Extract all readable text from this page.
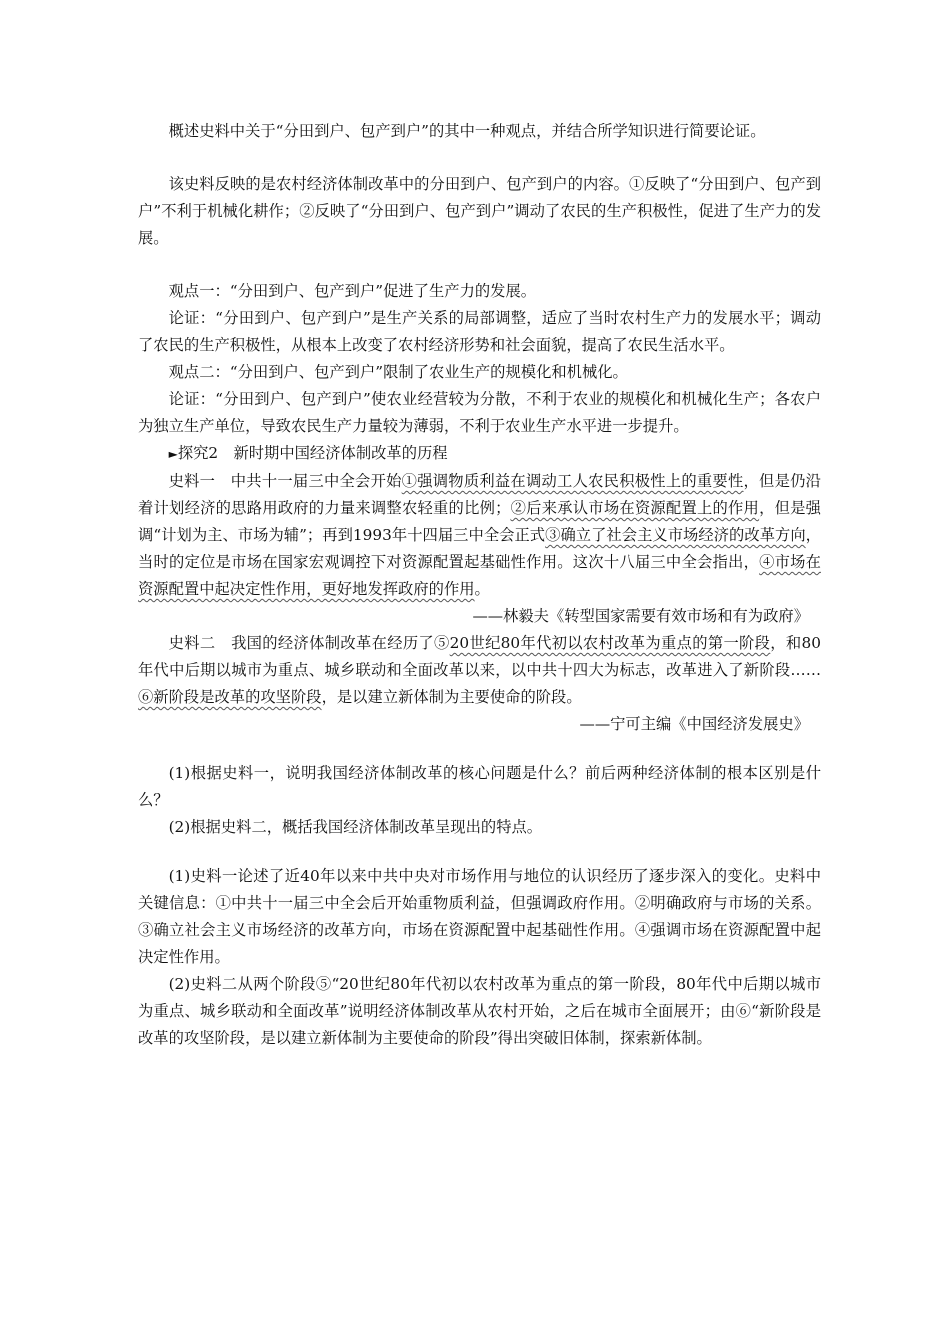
概述史料中关于“分田到户、包产到户”的其中一种观点，并结合所学知识进行简要论证。

该史料反映的是农村经济体制改革中的分田到户、包产到户的内容。①反映了“分田到户、包产到户”不利于机械化耕作；②反映了“分田到户、包产到户”调动了农民的生产积极性，促进了生产力的发展。

观点一：“分田到户、包产到户”促进了生产力的发展。

论证：“分田到户、包产到户”是生产关系的局部调整，适应了当时农村生产力的发展水平；调动了农民的生产积极性，从根本上改变了农村经济形势和社会面貌，提高了农民生活水平。

观点二：“分田到户、包产到户”限制了农业生产的规模化和机械化。

论证：“分田到户、包产到户”使农业经营较为分散，不利于农业的规模化和机械化生产；各农户为独立生产单位，导致农民生产力量较为薄弱，不利于农业生产水平进一步提升。

►探究2　新时期中国经济体制改革的历程

史料一　中共十一届三中全会开始①强调物质利益在调动工人农民积极性上的重要性，但是仍沿着计划经济的思路用政府的力量来调整农轻重的比例；②后来承认市场在资源配置上的作用，但是强调“计划为主、市场为辅”；再到1993年十四届三中全会正式③确立了社会主义市场经济的改革方向，当时的定位是市场在国家宏观调控下对资源配置起基础性作用。这次十八届三中全会指出，④市场在资源配置中起决定性作用，更好地发挥政府的作用。

——林毅夫《转型国家需要有效市场和有为政府》

史料二　我国的经济体制改革在经历了⑤20世纪80年代初以农村改革为重点的第一阶段，和80年代中后期以城市为重点、城乡联动和全面改革以来，以中共十四大为标志，改革进入了新阶段……⑥新阶段是改革的攻坚阶段，是以建立新体制为主要使命的阶段。

——宁可主编《中国经济发展史》

(1)根据史料一，说明我国经济体制改革的核心问题是什么？前后两种经济体制的根本区别是什么？

(2)根据史料二，概括我国经济体制改革呈现出的特点。

(1)史料一论述了近40年以来中共中央对市场作用与地位的认识经历了逐步深入的变化。史料中关键信息：①中共十一届三中全会后开始重物质利益，但强调政府作用。②明确政府与市场的关系。③确立社会主义市场经济的改革方向，市场在资源配置中起基础性作用。④强调市场在资源配置中起决定性作用。

(2)史料二从两个阶段⑤“20世纪80年代初以农村改革为重点的第一阶段，80年代中后期以城市为重点、城乡联动和全面改革”说明经济体制改革从农村开始，之后在城市全面展开；由⑥“新阶段是改革的攻坚阶段，是以建立新体制为主要使命的阶段”得出突破旧体制，探索新体制。
